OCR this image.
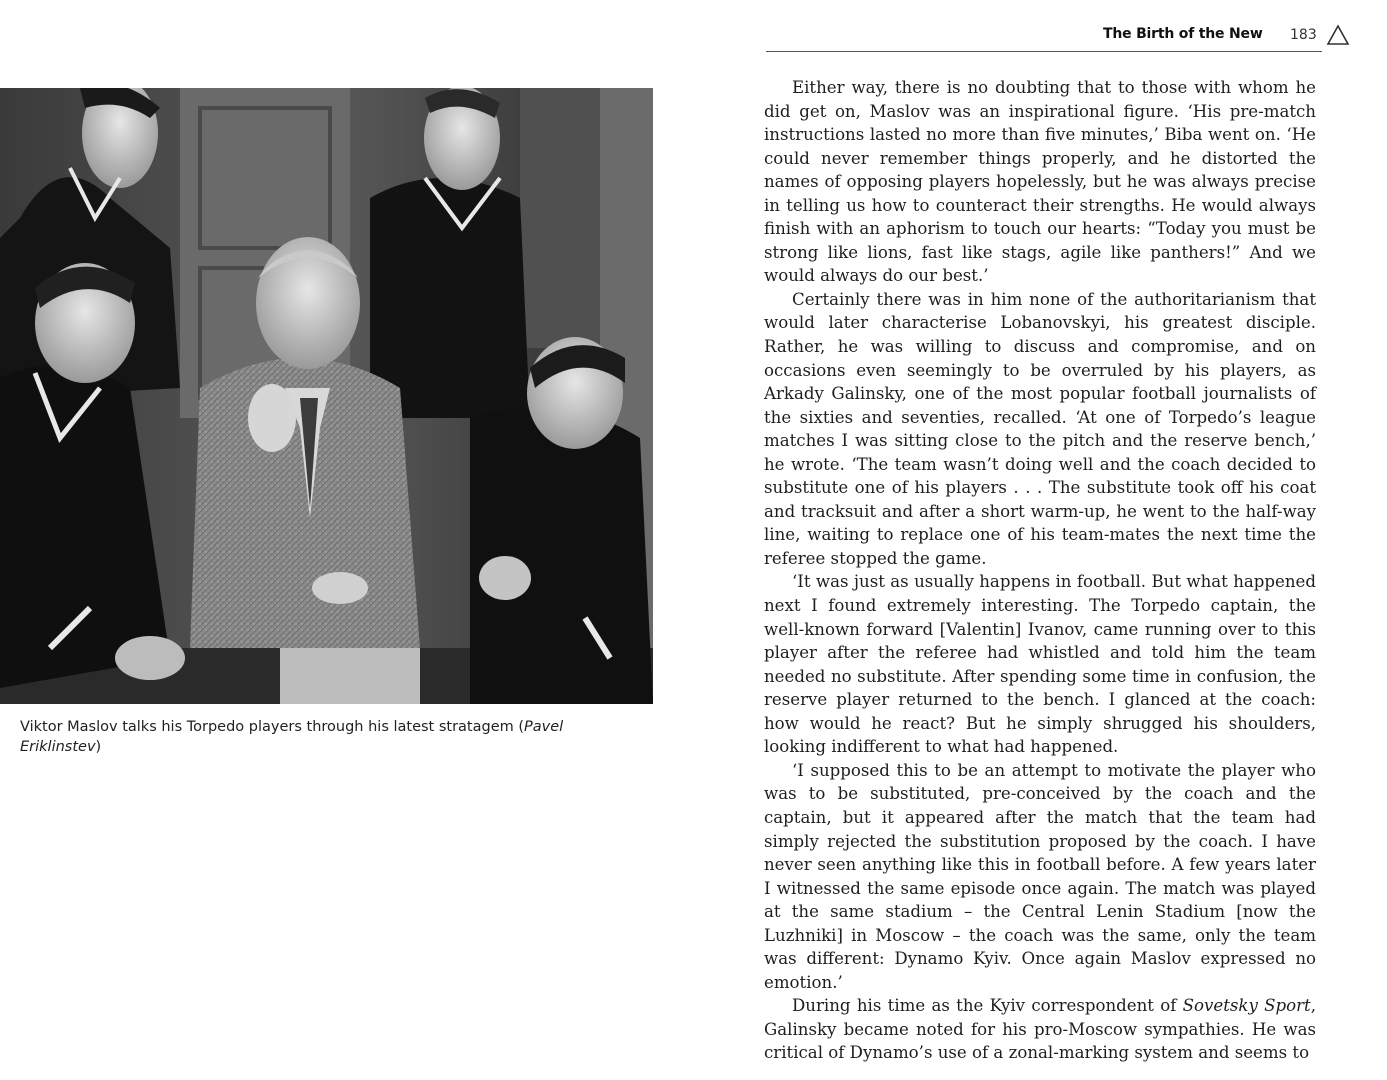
The Birth of the New 183
Viktor Maslov talks his Torpedo players through his latest stratagem (Pavel Eriklinstev)

Either way, there is no doubting that to those with whom he did get on, Maslov was an inspirational figure. ‘His pre-match instructions lasted no more than five minutes,’ Biba went on. ‘He could never remember things properly, and he distorted the names of opposing players hopelessly, but he was always precise in telling us how to counteract their strengths. He would always finish with an aphorism to touch our hearts: “Today you must be strong like lions, fast like stags, agile like panthers!” And we would always do our best.’

Certainly there was in him none of the authoritarianism that would later characterise Lobanovskyi, his greatest disciple. Rather, he was willing to discuss and compromise, and on occasions even seemingly to be overruled by his players, as Arkady Galinsky, one of the most popular football journalists of the sixties and seventies, recalled. ‘At one of Torpedo’s league matches I was sitting close to the pitch and the reserve bench,’ he wrote. ‘The team wasn’t doing well and the coach decided to substitute one of his players . . . The substitute took off his coat and tracksuit and after a short warm-up, he went to the half-way line, waiting to replace one of his team-mates the next time the referee stopped the game.

‘It was just as usually happens in football. But what happened next I found extremely interesting. The Torpedo captain, the well-known forward [Valentin] Ivanov, came running over to this player after the referee had whistled and told him the team needed no substitute. After spending some time in confusion, the reserve player returned to the bench. I glanced at the coach: how would he react? But he simply shrugged his shoulders, looking indifferent to what had happened.

‘I supposed this to be an attempt to motivate the player who was to be substituted, pre-conceived by the coach and the captain, but it appeared after the match that the team had simply rejected the substitution proposed by the coach. I have never seen anything like this in football before. A few years later I witnessed the same episode once again. The match was played at the same stadium – the Central Lenin Stadium [now the Luzhniki] in Moscow – the coach was the same, only the team was different: Dynamo Kyiv. Once again Maslov expressed no emotion.’

During his time as the Kyiv correspondent of Sovetsky Sport, Galinsky became noted for his pro-Moscow sympathies. He was critical of Dynamo’s use of a zonal-marking system and seems to
